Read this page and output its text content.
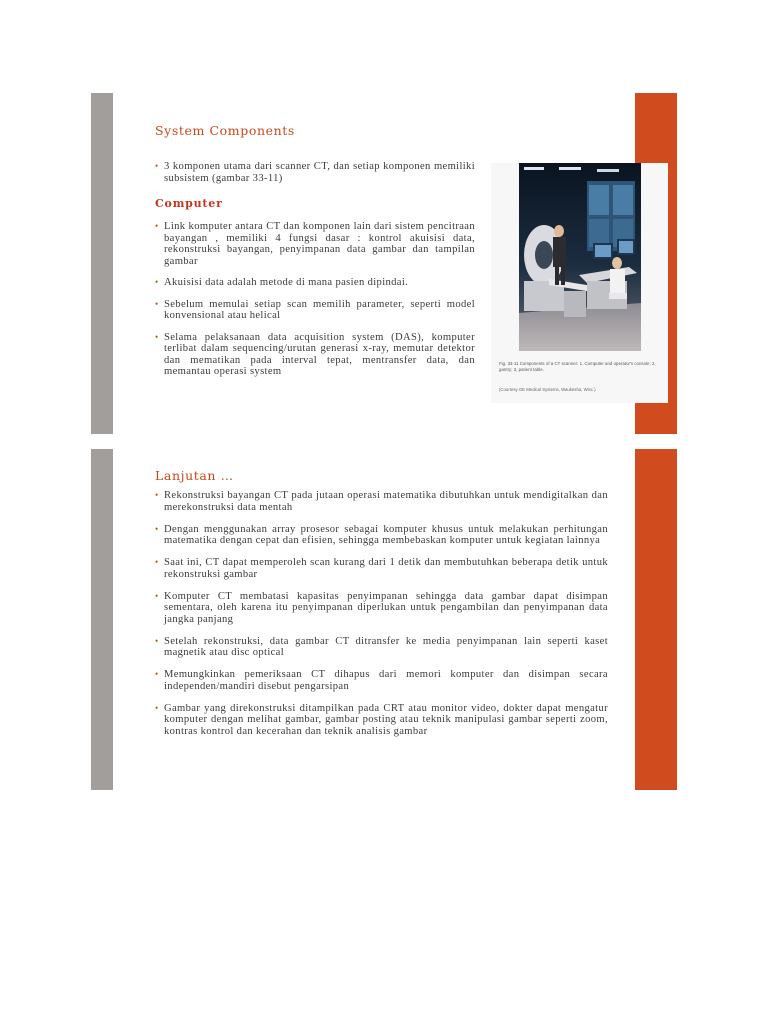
System Components
• 3 komponen utama dari scanner CT, dan setiap komponen memiliki subsistem (gambar 33-11)
Computer
• Link komputer antara CT dan komponen lain dari sistem pencitraan bayangan , memiliki 4 fungsi dasar : kontrol akuisisi data, rekonstruksi bayangan, penyimpanan data gambar dan tampilan gambar
• Akuisisi data adalah metode di mana pasien dipindai.
• Sebelum memulai setiap scan memilih parameter, seperti model konvensional atau helical
• Selama pelaksanaan data acquisition system (DAS), komputer terlibat dalam sequencing/urutan generasi x-ray, memutar detektor dan mematikan pada interval tepat, mentransfer data, dan memantau operasi system
Fig. 33-11 Components of a CT scanner: 1, Computer and operator's console; 2, gantry; 3, patient table.
(Courtesy GE Medical Systems, Waukesha, Wisc.)
Lanjutan …
• Rekonstruksi bayangan CT pada jutaan operasi matematika dibutuhkan untuk mendigitalkan dan merekonstruksi data mentah
• Dengan menggunakan array prosesor sebagai komputer khusus untuk melakukan perhitungan matematika dengan cepat dan efisien, sehingga membebaskan komputer untuk kegiatan lainnya
• Saat ini, CT dapat memperoleh scan kurang dari 1 detik dan membutuhkan beberapa detik untuk rekonstruksi gambar
• Komputer CT membatasi kapasitas penyimpanan sehingga data gambar dapat disimpan sementara, oleh karena itu penyimpanan diperlukan untuk pengambilan dan penyimpanan data jangka panjang
• Setelah rekonstruksi, data gambar CT ditransfer ke media penyimpanan lain seperti kaset magnetik atau disc optical
• Memungkinkan pemeriksaan CT dihapus dari memori komputer dan disimpan secara independen/mandiri disebut pengarsipan
• Gambar yang direkonstruksi ditampilkan pada CRT atau monitor video, dokter dapat mengatur komputer dengan melihat gambar, gambar posting atau teknik manipulasi gambar seperti zoom, kontras kontrol dan kecerahan dan teknik analisis gambar
